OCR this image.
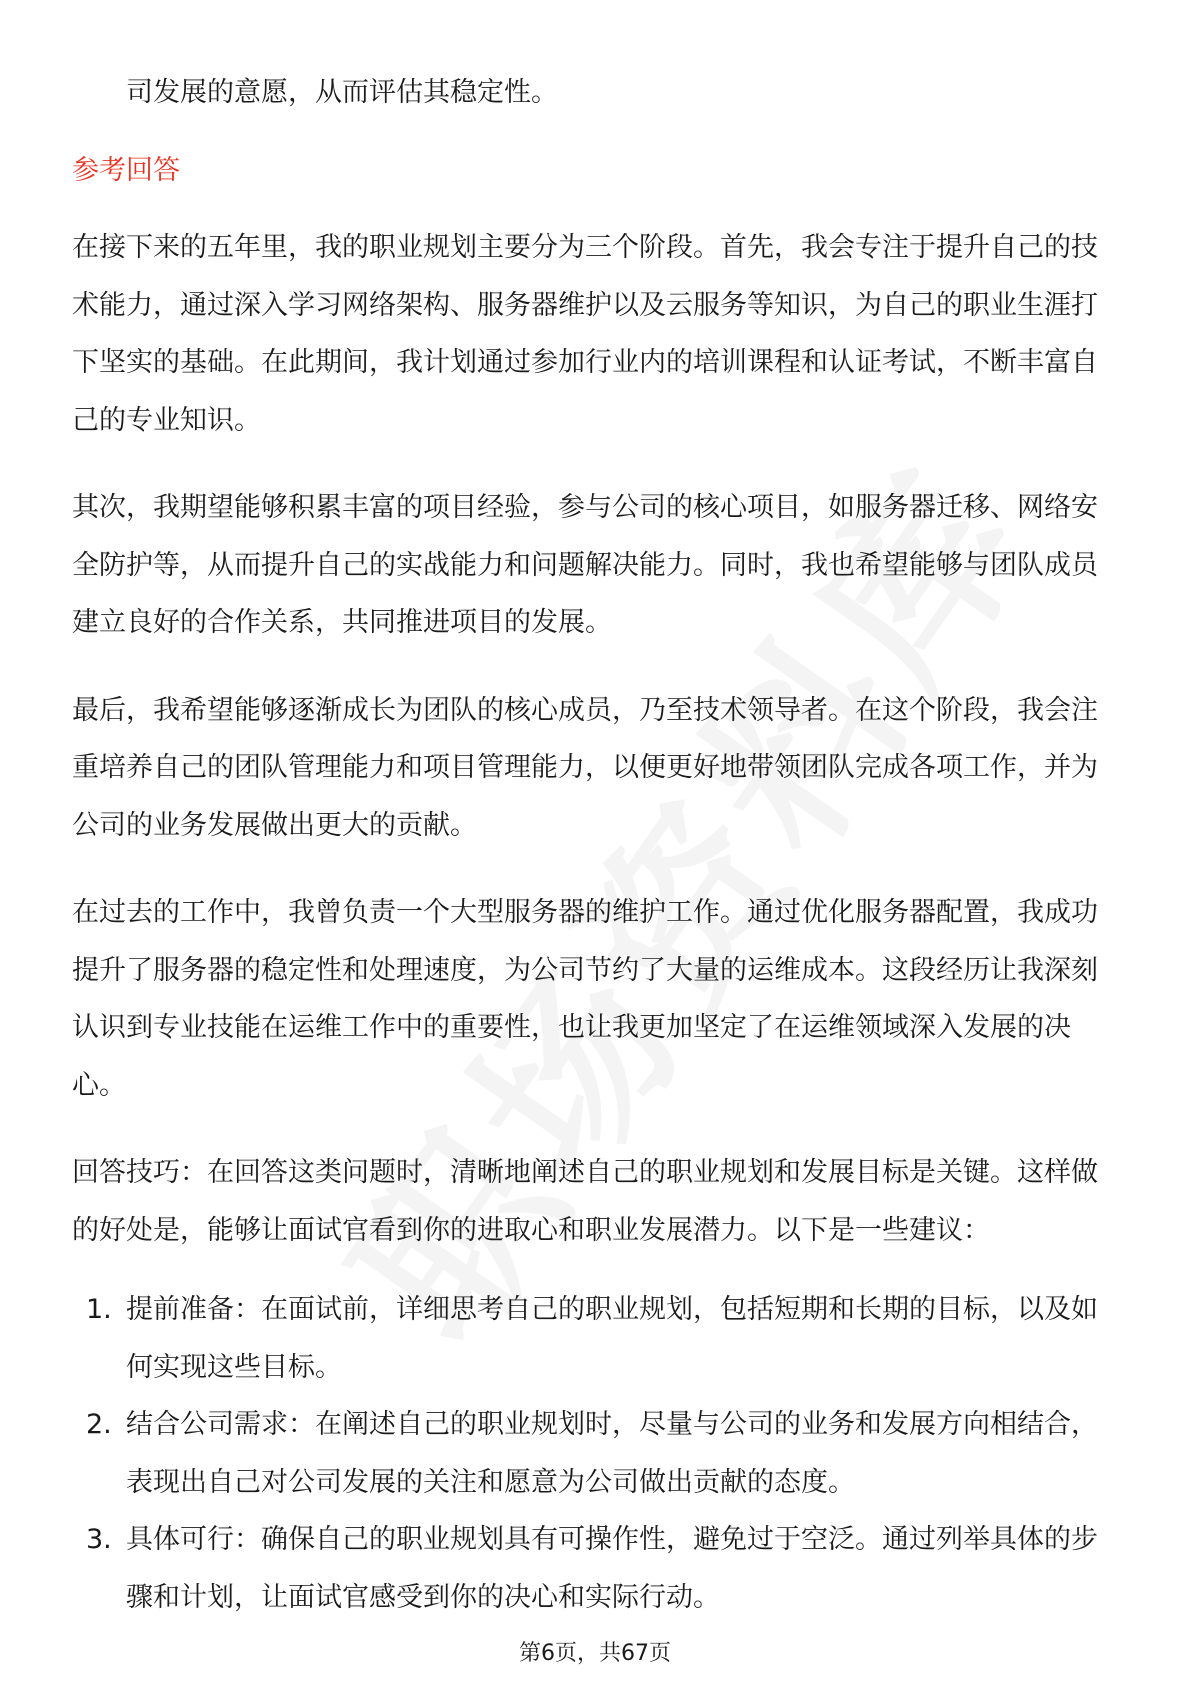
司发展的意愿，从而评估其稳定性。

参考回答

在接下来的五年里，我的职业规划主要分为三个阶段。首先，我会专注于提升自己的技术能力，通过深入学习网络架构、服务器维护以及云服务等知识，为自己的职业生涯打下坚实的基础。在此期间，我计划通过参加行业内的培训课程和认证考试，不断丰富自己的专业知识。

其次，我期望能够积累丰富的项目经验，参与公司的核心项目，如服务器迁移、网络安全防护等，从而提升自己的实战能力和问题解决能力。同时，我也希望能够与团队成员建立良好的合作关系，共同推进项目的发展。

最后，我希望能够逐渐成长为团队的核心成员，乃至技术领导者。在这个阶段，我会注重培养自己的团队管理能力和项目管理能力，以便更好地带领团队完成各项工作，并为公司的业务发展做出更大的贡献。

在过去的工作中，我曾负责一个大型服务器的维护工作。通过优化服务器配置，我成功提升了服务器的稳定性和处理速度，为公司节约了大量的运维成本。这段经历让我深刻认识到专业技能在运维工作中的重要性，也让我更加坚定了在运维领域深入发展的决心。

回答技巧：在回答这类问题时，清晰地阐述自己的职业规划和发展目标是关键。这样做的好处是，能够让面试官看到你的进取心和职业发展潜力。以下是一些建议：

1. 提前准备：在面试前，详细思考自己的职业规划，包括短期和长期的目标，以及如何实现这些目标。
2. 结合公司需求：在阐述自己的职业规划时，尽量与公司的业务和发展方向相结合，表现出自己对公司发展的关注和愿意为公司做出贡献的态度。
3. 具体可行：确保自己的职业规划具有可操作性，避免过于空泛。通过列举具体的步骤和计划，让面试官感受到你的决心和实际行动。
第6页，共67页
